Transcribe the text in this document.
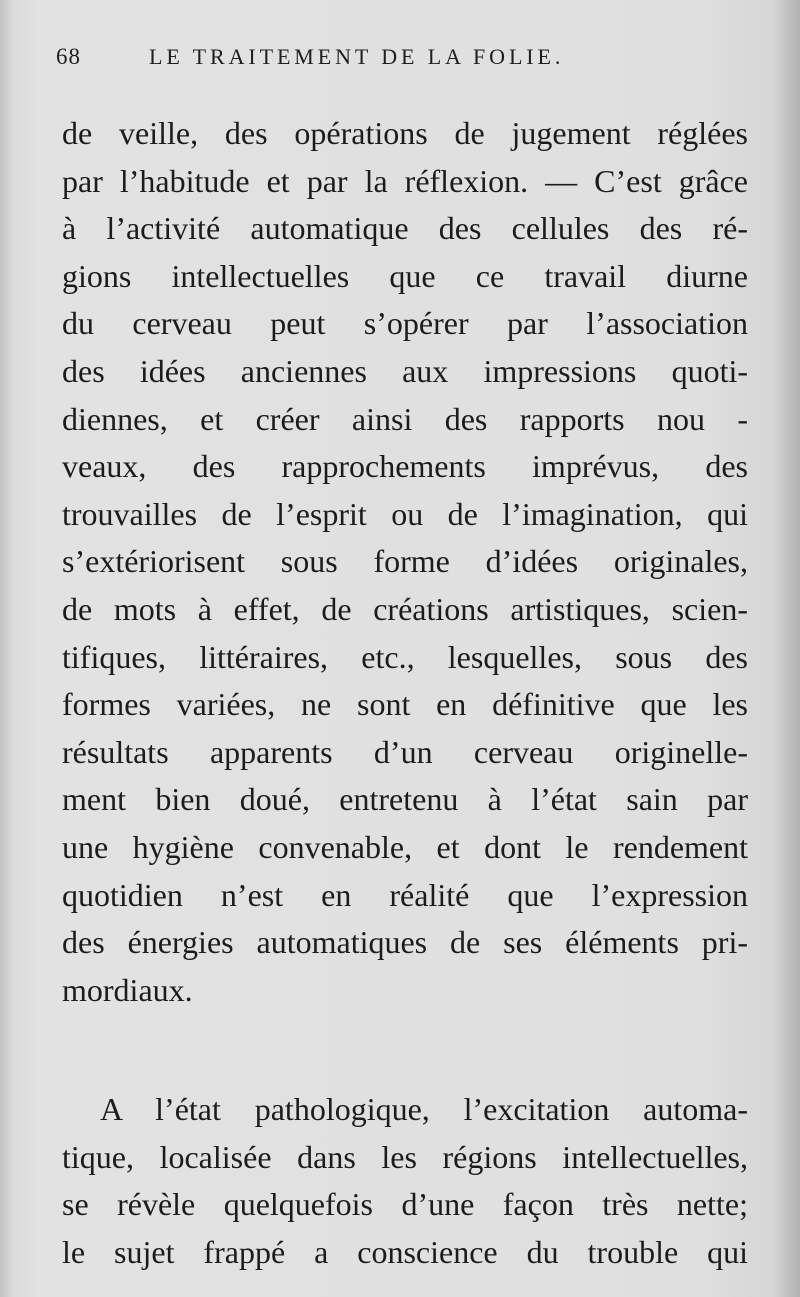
68	LE TRAITEMENT DE LA FOLIE.
de veille, des opérations de jugement réglées
par l’habitude et par la réflexion. — C’est grâce
à l’activité automatique des cellules des ré-
gions intellectuelles que ce travail diurne
du cerveau peut s’opérer par l’association
des idées anciennes aux impressions quoti-
diennes, et créer ainsi des rapports nou -
veaux, des rapprochements imprévus, des
trouvailles de l’esprit ou de l’imagination, qui
s’extériorisent sous forme d’idées originales,
de mots à effet, de créations artistiques, scien-
tifiques, littéraires, etc., lesquelles, sous des
formes variées, ne sont en définitive que les
résultats apparents d’un cerveau originelle-
ment bien doué, entretenu à l’état sain par
une hygiène convenable, et dont le rendement
quotidien n’est en réalité que l’expression
des énergies automatiques de ses éléments pri-
mordiaux.
A l’état pathologique, l’excitation automa-
tique, localisée dans les régions intellectuelles,
se révèle quelquefois d’une façon très nette;
le sujet frappé a conscience du trouble qui
